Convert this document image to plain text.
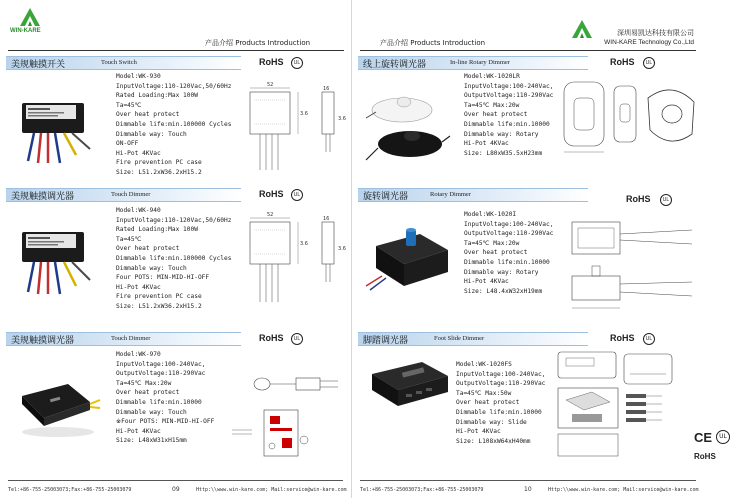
WIN-KARE
产品介绍 Products Introduction
美规触摸开关	Touch Switch	RoHS	UL
Model:WK-930
InputVoltage:110-120Vac,50/60Hz
Rated Loading:Max 100W
Ta=45℃
Over heat protect
Dimmable life:min.100000 Cycles
Dimmable way: Touch
ON-OFF
Hi-Pot 4KVac
Fire prevention PC case
Size: L51.2xW36.2xH15.2
52
3.6
16
3.6
美规触摸调光器	Touch Dimmer	RoHS	UL
Model:WK-940
InputVoltage:110-120Vac,50/60Hz
Rated Loading:Max 100W
Ta=45℃
Over heat protect
Dimmable life:min.100000 Cycles
Dimmable way: Touch
Four POTS: MIN-MID-HI-OFF
Hi-Pot 4KVac
Fire prevention PC case
Size: L51.2xW36.2xH15.2
52
3.6
16
3.6
美规触摸调光器	Touch Dimmer	RoHS	UL
Model:WK-970
InputVoltage:100-240Vac,
OutputVoltage:110-290Vac
Ta=45℃ Max:20w
Over heat protect
Dimmable life:min.10000
Dimmable way: Touch
※Four POTS: MIN-MID-HI-OFF
Hi-Pot 4KVac
Size: L48xW31xH15mm
Tel:+86-755-25003073;Fax:+86-755-25003079	09	Http:\\www.win-kare.com; Mail:service@win-kare.com
深圳易凯达科技有限公司
WIN-KARE Technology Co.,Ltd
产品介绍 Products Introduction
线上旋转调光器	In-line Rotary Dimmer	RoHS	UL
Model:WK-1020LR
InputVoltage:100-240Vac,
OutputVoltage:110-290Vac
Ta=45℃ Max:20w
Over heat protect
Dimmable life:min.10000
Dimmable way: Rotary
Hi-Pot 4KVac
Size: L80xW35.5xH23mm
旋转调光器	Rotary Dimmer	RoHS	UL
Model:WK-1020I
InputVoltage:100-240Vac,
OutputVoltage:110-290Vac
Ta=45℃ Max:20w
Over heat protect
Dimmable life:min.10000
Dimmable way: Rotary
Hi-Pot 4KVac
Size: L48.4xW32xH19mm
脚踏调光器	Foot Slide Dimmer	RoHS	UL
Model:WK-1020FS
InputVoltage:100-240Vac,
OutputVoltage:110-290Vac
Ta=45℃ Max:50w
Over heat protect
Dimmable life:min.10000
Dimmable way: Slide
Hi-Pot 4KVac
Size: L108xW64xH40mm	CE	UL
RoHS
Tel:+86-755-25003073;Fax:+86-755-25003079	10	Http:\\www.win-kare.com; Mail:service@win-kare.com
